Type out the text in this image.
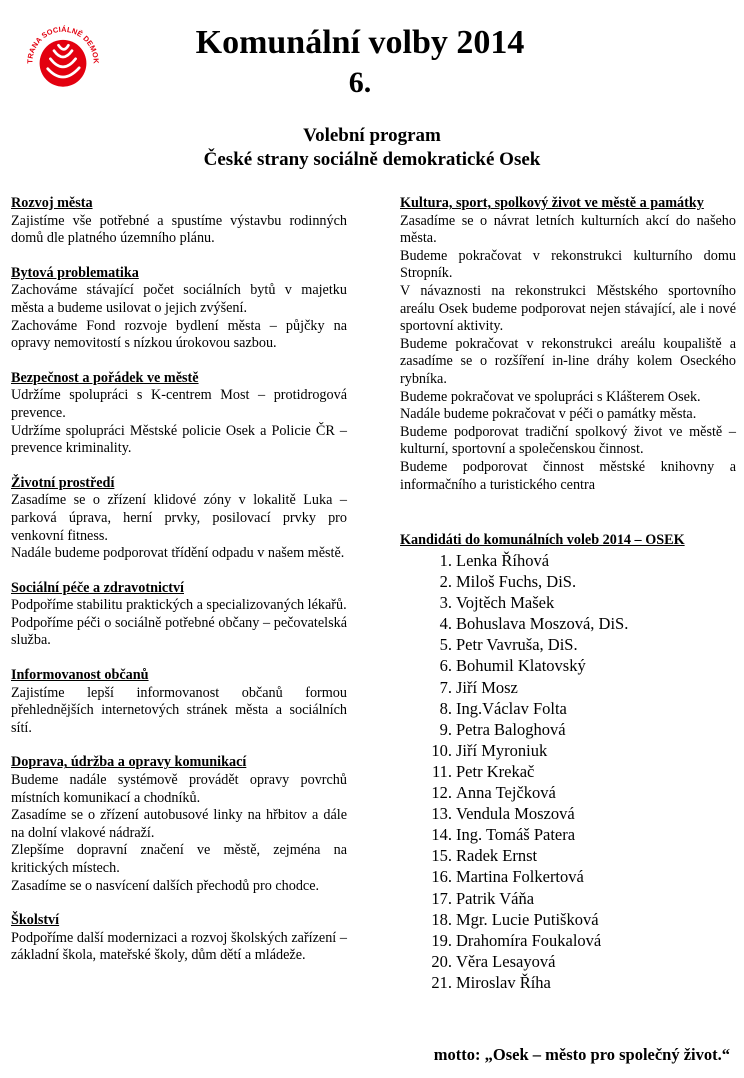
TRANA SOCIÁLNĚ DEMOK
Komunální volby 2014
6.
Volební program
České strany sociálně demokratické Osek
Rozvoj města
Zajistíme vše potřebné a spustíme výstavbu rodinných domů dle platného územního plánu.
Bytová problematika
Zachováme stávající počet sociálních bytů v majetku města a budeme usilovat o jejich zvýšení.
Zachováme Fond rozvoje bydlení města – půjčky na opravy nemovitostí s nízkou úrokovou sazbou.
Bezpečnost a pořádek ve městě
Udržíme spolupráci s K-centrem Most – protidrogová prevence.
Udržíme spolupráci Městské policie Osek a Policie ČR – prevence kriminality.
Životní prostředí
Zasadíme se o zřízení klidové zóny v lokalitě Luka – parková úprava, herní prvky, posilovací prvky pro venkovní fitness.
Nadále budeme podporovat třídění odpadu v našem městě.
Sociální péče a zdravotnictví
Podpoříme stabilitu praktických a specializovaných lékařů.
Podpoříme péči o sociálně potřebné občany – pečovatelská služba.
Informovanost občanů
Zajistíme lepší informovanost občanů formou přehlednějších internetových stránek města a sociálních sítí.
Doprava, údržba a opravy komunikací
Budeme nadále systémově provádět opravy povrchů místních komunikací a chodníků.
Zasadíme se o zřízení autobusové linky na hřbitov a dále na dolní vlakové nádraží.
Zlepšíme dopravní značení ve městě, zejména na kritických místech.
Zasadíme se o nasvícení dalších přechodů pro chodce.
Školství
Podpoříme další modernizaci a rozvoj školských zařízení – základní škola, mateřské školy, dům dětí a mládeže.
Kultura, sport, spolkový život ve městě a památky
Zasadíme se o návrat letních kulturních akcí do našeho města.
Budeme pokračovat v rekonstrukci kulturního domu Stropník.
V návaznosti na rekonstrukci Městského sportovního areálu Osek budeme podporovat nejen stávající, ale i nové sportovní aktivity.
Budeme pokračovat v rekonstrukci areálu koupaliště a zasadíme se o rozšíření in-line dráhy kolem Oseckého rybníka.
Budeme pokračovat ve spolupráci s Klášterem Osek.
Nadále budeme pokračovat v péči o památky města.
Budeme podporovat tradiční spolkový život ve městě – kulturní, sportovní a společenskou činnost.
Budeme podporovat činnost městské knihovny a informačního a turistického centra
Kandidáti do komunálních voleb 2014 – OSEK
1. Lenka Říhová
2. Miloš Fuchs, DiS.
3. Vojtěch Mašek
4. Bohuslava Moszová, DiS.
5. Petr Vavruša, DiS.
6. Bohumil Klatovský
7. Jiří Mosz
8. Ing.Václav Folta
9. Petra Baloghová
10. Jiří Myroniuk
11. Petr Krekač
12. Anna Tejčková
13. Vendula Moszová
14. Ing. Tomáš Patera
15. Radek Ernst
16. Martina Folkertová
17. Patrik Váňa
18. Mgr. Lucie Putišková
19. Drahomíra Foukalová
20. Věra Lesayová
21. Miroslav Říha
motto: „Osek – město pro společný život.“
